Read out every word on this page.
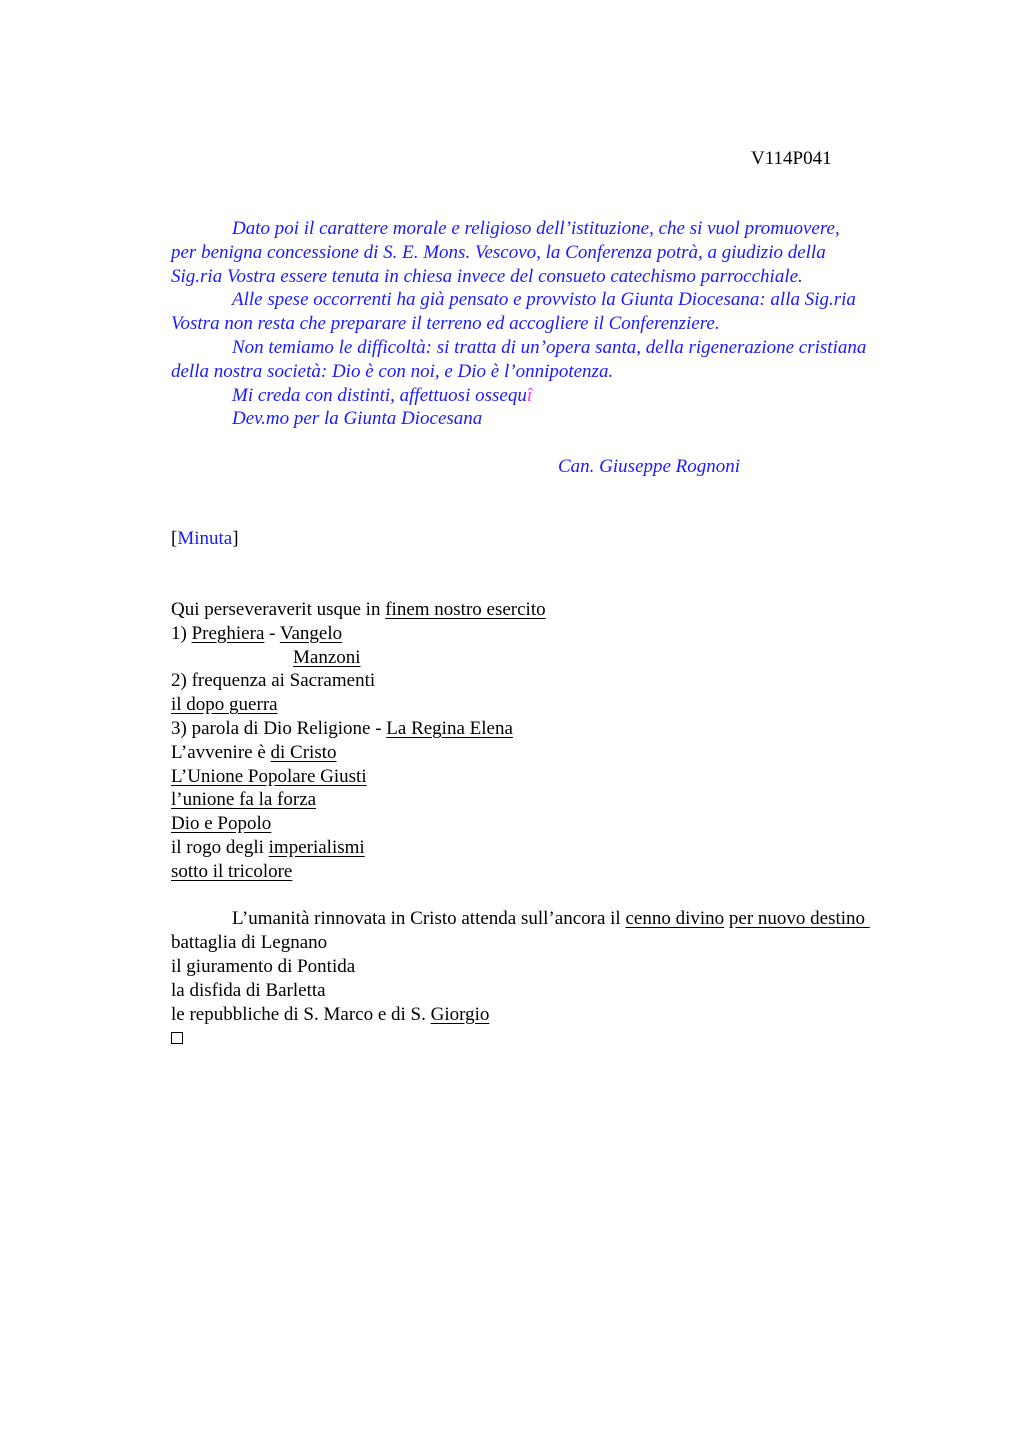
V114P041
Dato poi il carattere morale e religioso dell’istituzione, che si vuol promuovere,
per benigna concessione di S. E. Mons. Vescovo, la Conferenza potrà, a giudizio della
Sig.ria Vostra essere tenuta in chiesa invece del consueto catechismo parrocchiale.
Alle spese occorrenti ha già pensato e provvisto la Giunta Diocesana: alla Sig.ria
Vostra non resta che preparare il terreno ed accogliere il Conferenziere.
Non temiamo le difficoltà: si tratta di un’opera santa, della rigenerazione cristiana
della nostra società: Dio è con noi, e Dio è l’onnipotenza.
Mi creda con distinti, affettuosi ossequî
Dev.mo per la Giunta Diocesana
Can. Giuseppe Rognoni
[Minuta]
Qui perseveraverit usque in finem nostro esercito
1) Preghiera - Vangelo
Manzoni
2) frequenza ai Sacramenti
il dopo guerra
3) parola di Dio Religione - La Regina Elena
L’avvenire è di Cristo
L’Unione Popolare Giusti
l’unione fa la forza
Dio e Popolo
il rogo degli imperialismi
sotto il tricolore
L’umanità rinnovata in Cristo attenda sull’ancora il cenno divino per nuovo destino
battaglia di Legnano
il giuramento di Pontida
la disfida di Barletta
le repubbliche di S. Marco e di S. Giorgio
